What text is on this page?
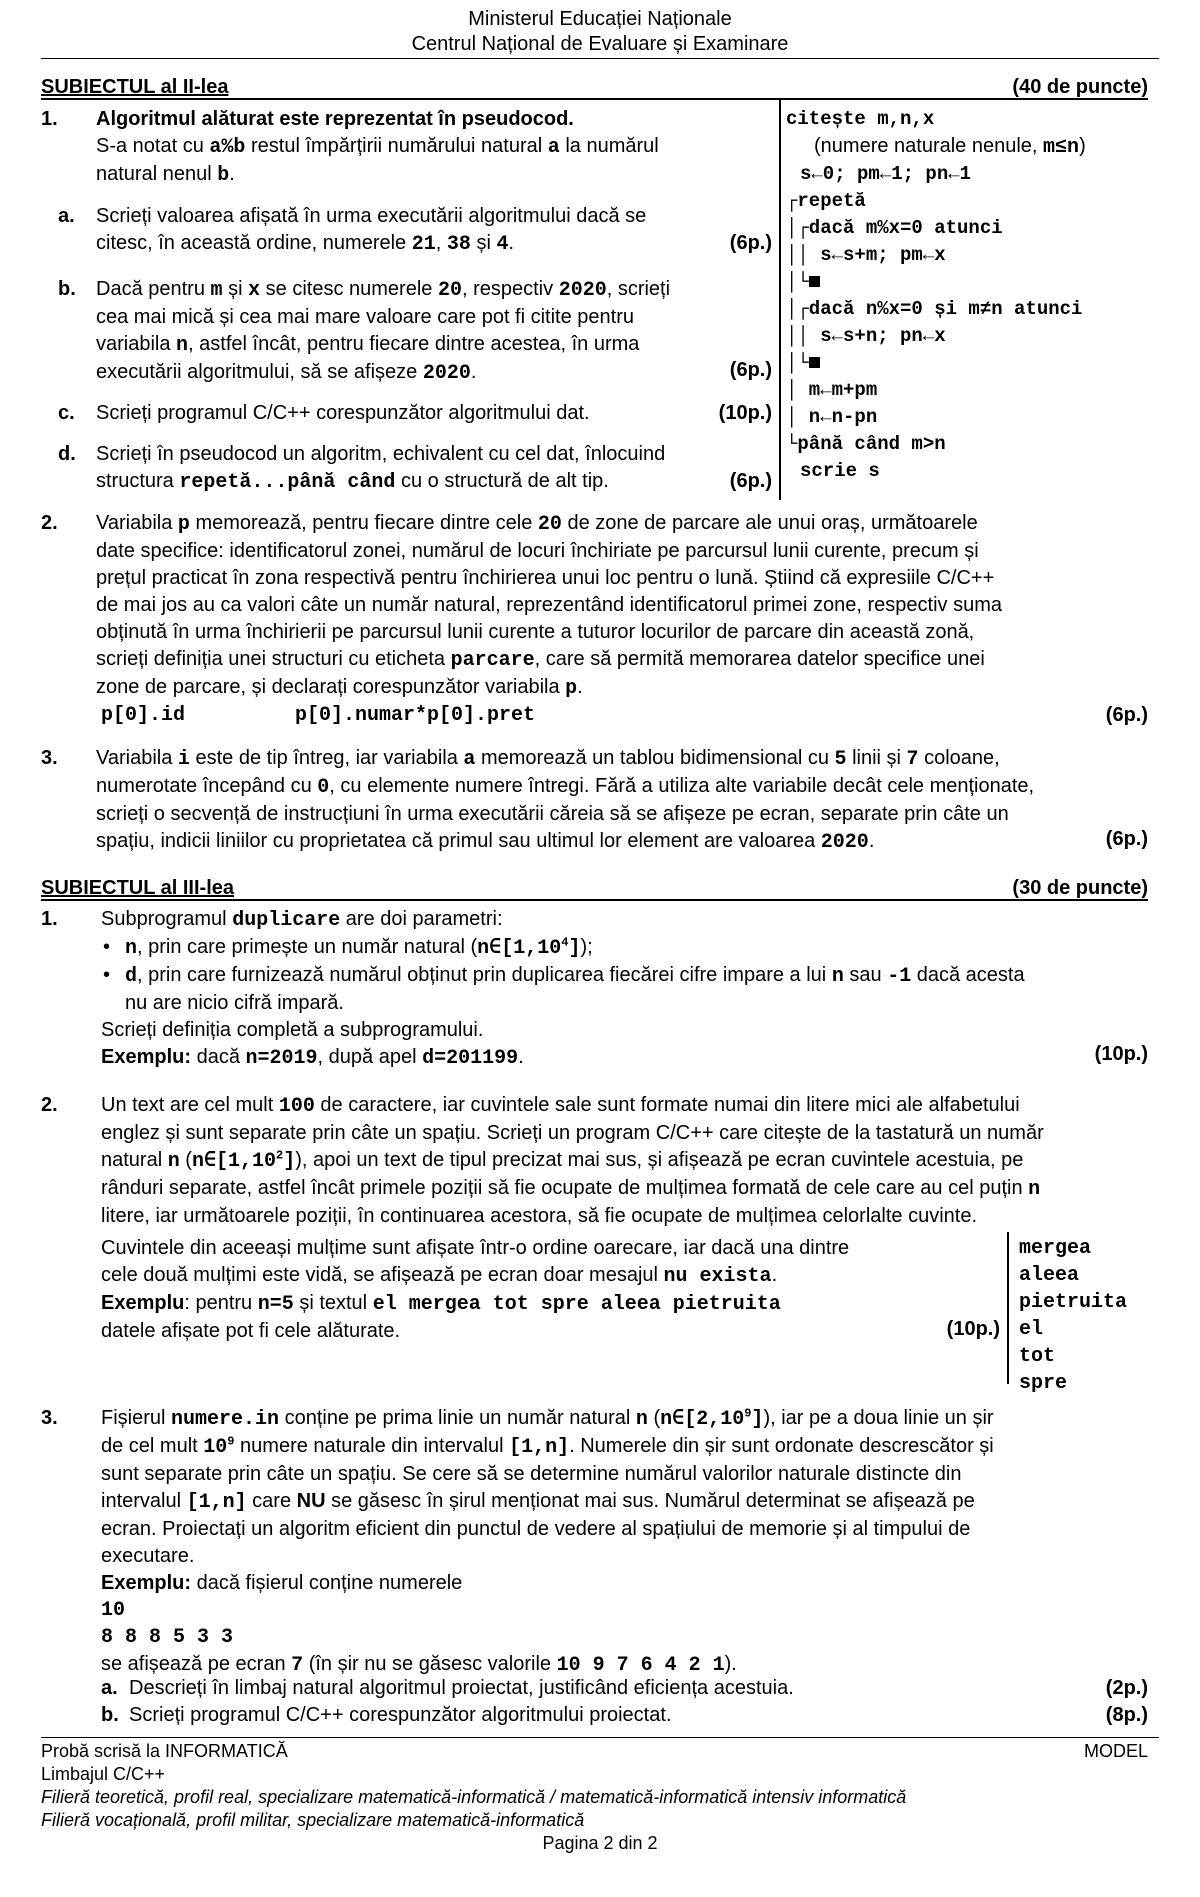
Ministerul Educației Naționale
Centrul Național de Evaluare și Examinare
SUBIECTUL al II-lea	(40 de puncte)
1. Algoritmul alăturat este reprezentat în pseudocod.
S-a notat cu a%b restul împărțirii numărului natural a la numărul
natural nenul b.
a. Scrieți valoarea afișată în urma executării algoritmului dacă se
citesc, în această ordine, numerele 21, 38 și 4.	(6p.)
b. Dacă pentru m și x se citesc numerele 20, respectiv 2020, scrieți
cea mai mică și cea mai mare valoare care pot fi citite pentru
variabila n, astfel încât, pentru fiecare dintre acestea, în urma
executării algoritmului, să se afișeze 2020.	(6p.)
c. Scrieți programul C/C++ corespunzător algoritmului dat.	(10p.)
d. Scrieți în pseudocod un algoritm, echivalent cu cel dat, înlocuind
structura repetă...până când cu o structură de alt tip.	(6p.)
citește m,n,x
(numere naturale nenule, m≤n)
s←0; pm←1; pn←1
┌repetă
│┌dacă m%x=0 atunci
││ s←s+m; pm←x
│└
│┌dacă n%x=0 și m≠n atunci
││ s←s+n; pn←x
│└
│ m←m+pm
│ n←n-pn
└până când m>n
scrie s
2. Variabila p memorează, pentru fiecare dintre cele 20 de zone de parcare ale unui oraș, următoarele
date specifice: identificatorul zonei, numărul de locuri închiriate pe parcursul lunii curente, precum și
prețul practicat în zona respectivă pentru închirierea unui loc pentru o lună. Știind că expresiile C/C++
de mai jos au ca valori câte un număr natural, reprezentând identificatorul primei zone, respectiv suma
obținută în urma închirierii pe parcursul lunii curente a tuturor locurilor de parcare din această zonă,
scrieți definiția unei structuri cu eticheta parcare, care să permită memorarea datelor specifice unei
zone de parcare, și declarați corespunzător variabila p.
p[0].id	p[0].numar*p[0].pret	(6p.)
3. Variabila i este de tip întreg, iar variabila a memorează un tablou bidimensional cu 5 linii și 7 coloane,
numerotate începând cu 0, cu elemente numere întregi. Fără a utiliza alte variabile decât cele menționate,
scrieți o secvență de instrucțiuni în urma executării căreia să se afișeze pe ecran, separate prin câte un
spațiu, indicii liniilor cu proprietatea că primul sau ultimul lor element are valoarea 2020.	(6p.)
SUBIECTUL al III-lea	(30 de puncte)
1. Subprogramul duplicare are doi parametri:
• n, prin care primește un număr natural (n∈[1,10$^4$]);
• d, prin care furnizează numărul obținut prin duplicarea fiecărei cifre impare a lui n sau -1 dacă acesta
nu are nicio cifră impară.
Scrieți definiția completă a subprogramului.
Exemplu: dacă n=2019, după apel d=201199.	(10p.)
2. Un text are cel mult 100 de caractere, iar cuvintele sale sunt formate numai din litere mici ale alfabetului
englez și sunt separate prin câte un spațiu. Scrieți un program C/C++ care citește de la tastatură un număr
natural n (n∈[1,10$^2$]), apoi un text de tipul precizat mai sus, și afișează pe ecran cuvintele acestuia, pe
rânduri separate, astfel încât primele poziții să fie ocupate de mulțimea formată de cele care au cel puțin n
litere, iar următoarele poziții, în continuarea acestora, să fie ocupate de mulțimea celorlalte cuvinte.
Cuvintele din aceeași mulțime sunt afișate într-o ordine oarecare, iar dacă una dintre
cele două mulțimi este vidă, se afișează pe ecran doar mesajul nu exista.
Exemplu: pentru n=5 și textul el mergea tot spre aleea pietruita
datele afișate pot fi cele alăturate.	(10p.)
mergea
aleea
pietruita
el
tot
spre
3. Fișierul numere.in conține pe prima linie un număr natural n (n∈[2,10$^9$]), iar pe a doua linie un șir
de cel mult $10^9$ numere naturale din intervalul [1,n]. Numerele din șir sunt ordonate descrescător și
sunt separate prin câte un spațiu. Se cere să se determine numărul valorilor naturale distincte din
intervalul [1,n] care NU se găsesc în șirul menționat mai sus. Numărul determinat se afișează pe
ecran. Proiectați un algoritm eficient din punctul de vedere al spațiului de memorie și al timpului de
executare.
Exemplu: dacă fișierul conține numerele
10
8 8 8 5 3 3
se afișează pe ecran 7 (în șir nu se găsesc valorile 10 9 7 6 4 2 1).
a. Descrieți în limbaj natural algoritmul proiectat, justificând eficiența acestuia.	(2p.)
b. Scrieți programul C/C++ corespunzător algoritmului proiectat.	(8p.)
Probă scrisă la INFORMATICĂ	MODEL
Limbajul C/C++
Filieră teoretică, profil real, specializare matematică-informatică / matematică-informatică intensiv informatică
Filieră vocațională, profil militar, specializare matematică-informatică
Pagina 2 din 2
